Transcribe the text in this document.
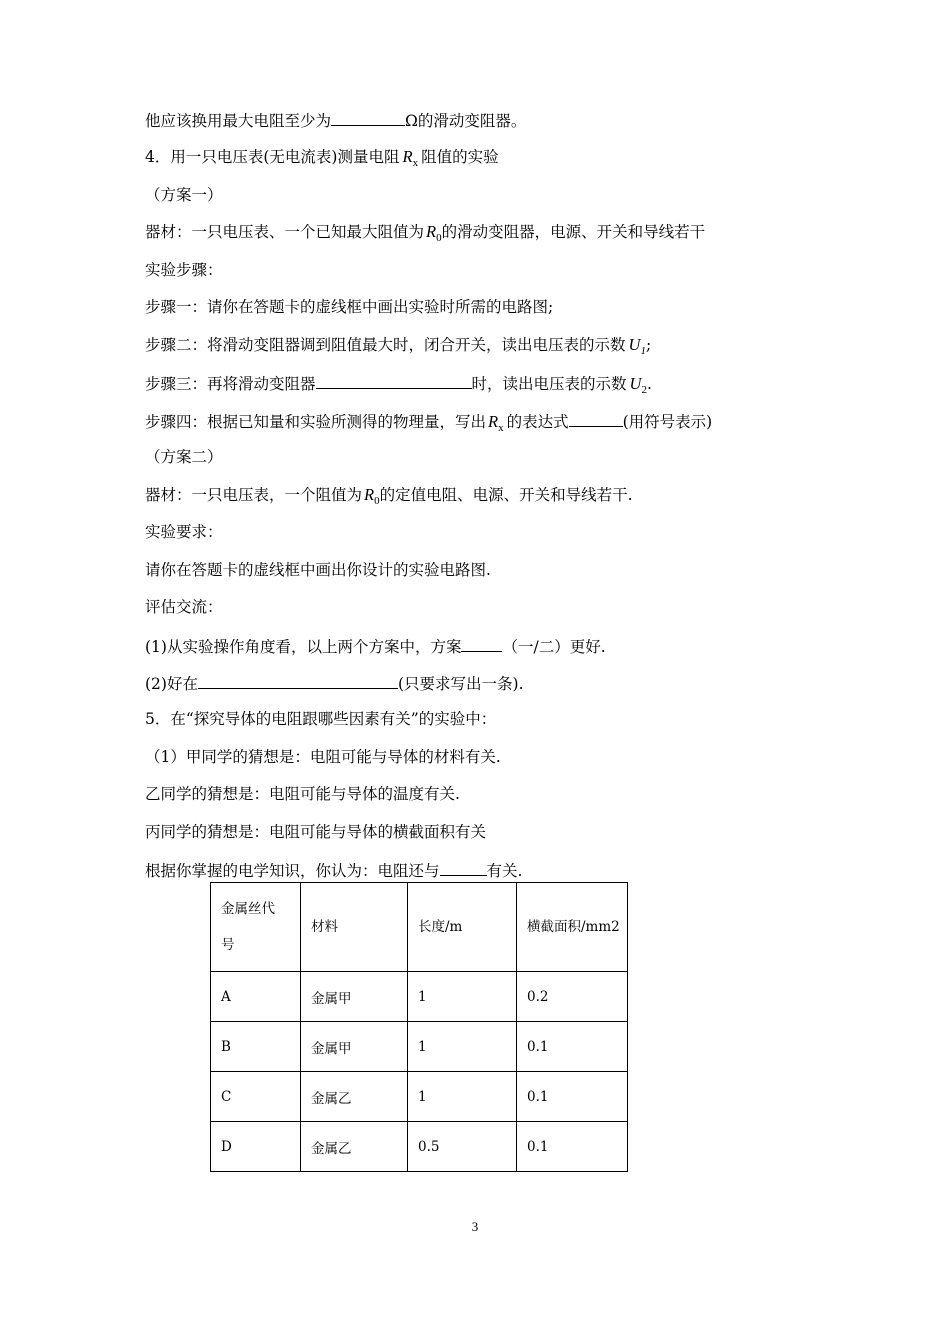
他应该换用最大电阻至少为	Ω的滑动变阻器。
4．用一只电压表(无电流表)测量电阻 $R_x$ 阻值的实验
（方案一）
器材：一只电压表、一个已知最大阻值为 $R_0$的滑动变阻器，电源、开关和导线若干
实验步骤：
步骤一：请你在答题卡的虚线框中画出实验时所需的电路图;
步骤二：将滑动变阻器调到阻值最大时，闭合开关，读出电压表的示数 $U_1$;
步骤三：再将滑动变阻器	时，读出电压表的示数 $U_2$.
步骤四：根据已知量和实验所测得的物理量，写出 $R_x$ 的表达式	(用符号表示)
（方案二）
器材：一只电压表，一个阻值为 $R_0$的定值电阻、电源、开关和导线若干.
实验要求：
请你在答题卡的虚线框中画出你设计的实验电路图.
评估交流：
(1)从实验操作角度看，以上两个方案中，方案	（一/二）更好.
(2)好在	(只要求写出一条).
5．在“探究导体的电阻跟哪些因素有关”的实验中：
（1）甲同学的猜想是：电阻可能与导体的材料有关.
乙同学的猜想是：电阻可能与导体的温度有关.
丙同学的猜想是：电阻可能与导体的横截面积有关
根据你掌握的电学知识，你认为：电阻还与	有关.
金属丝代号	材料	长度/m	横截面积/mm2
A	金属甲	1	0.2
B	金属甲	1	0.1
C	金属乙	1	0.1
D	金属乙	0.5	0.1
3
